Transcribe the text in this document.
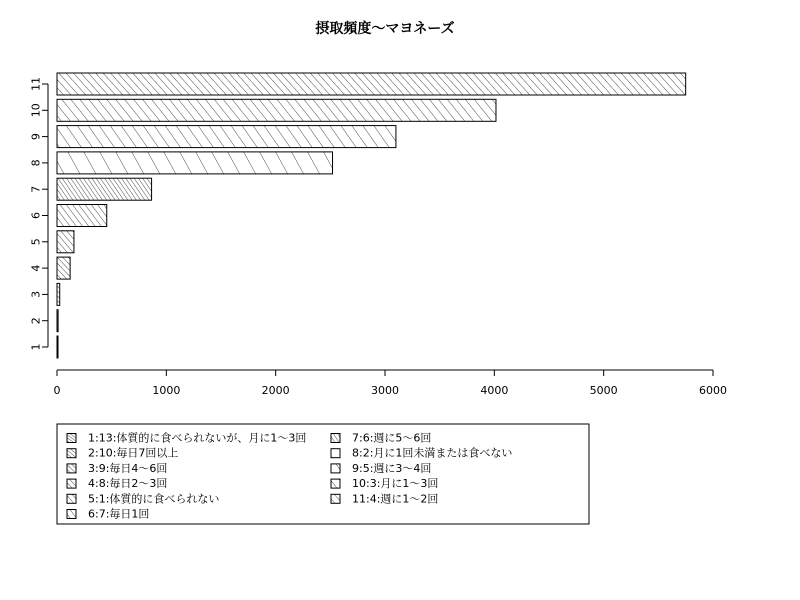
摂取頻度～マヨネーズ
1
2
3
4
5
6
7
8
9
10
11
0	1000	2000	3000	4000	5000	6000
1:13:体質的に食べられないが、月に1～3回
2:10:毎日7回以上
3:9:毎日4～6回
4:8:毎日2～3回
5:1:体質的に食べられない
6:7:毎日1回
7:6:週に5～6回
8:2:月に1回未満または食べない
9:5:週に3～4回
10:3:月に1～3回
11:4:週に1～2回
